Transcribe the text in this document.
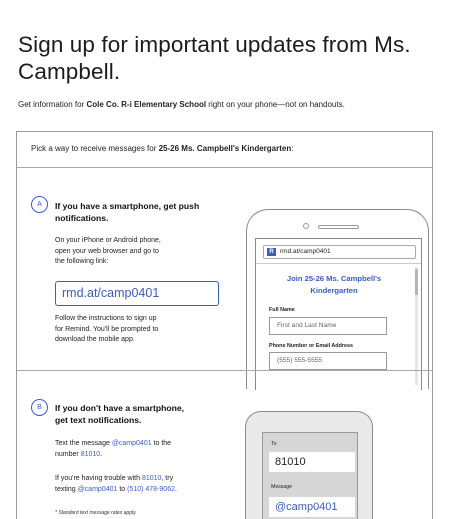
Sign up for important updates from Ms. Campbell.

Get information for Cole Co. R-i Elementary School right on your phone—not on handouts.

Pick a way to receive messages for 25-26 Ms. Campbell's Kindergarten:

A	If you have a smartphone, get push
notifications.
On your iPhone or Android phone,
open your web browser and go to
the following link:
rmd.at/camp0401
Follow the instructions to sign up
for Remind. You'll be prompted to
download the mobile app.
R rmd.at/camp0401
Join 25-26 Ms. Campbell's
Kindergarten
Full Name
First and Last Name
Phone Number or Email Address
(555) 555-5555
B	If you don't have a smartphone,
get text notifications.
Text the message @camp0401 to the
number 81010.
If you're having trouble with 81010, try
texting @camp0401 to (510) 478-9062.
* Standard text message rates apply.
To
81010
Message
@camp0401
